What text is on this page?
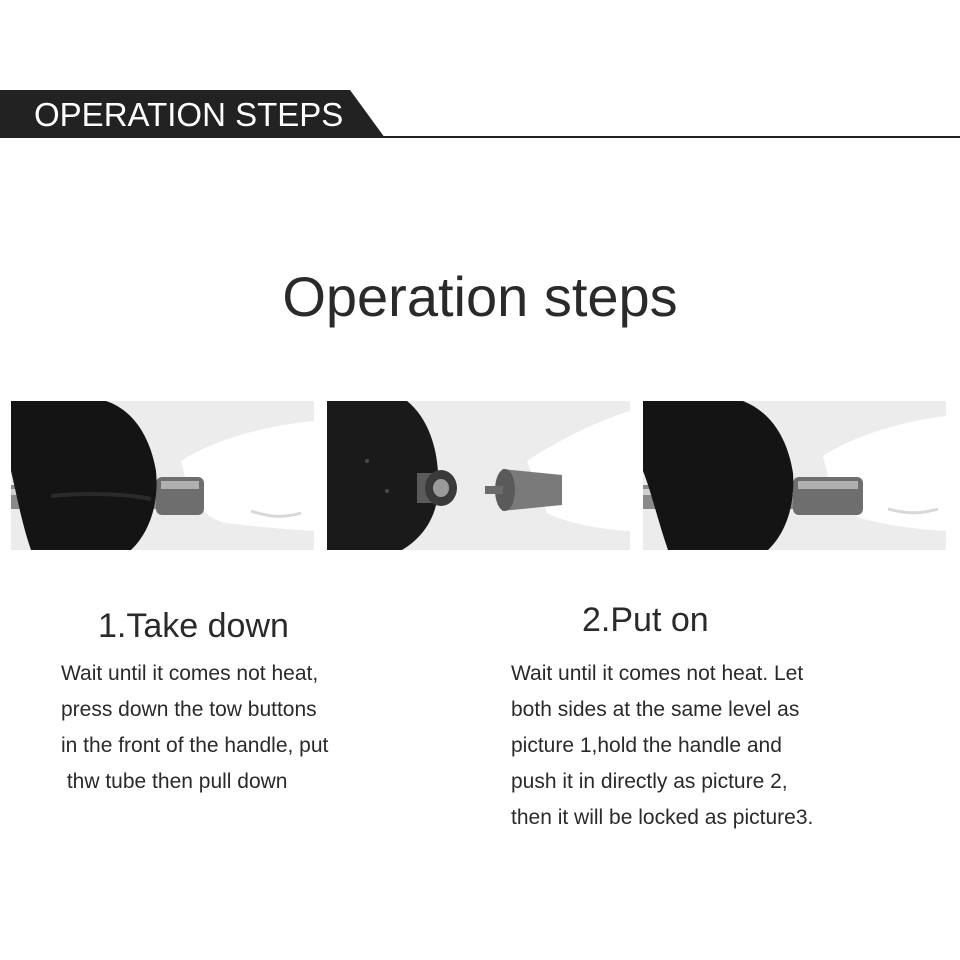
OPERATION STEPS
Operation steps
1.Take down
Wait until it comes not heat,
press down the tow buttons
in the front of the handle, put
thw tube then pull down
2.Put on
Wait until it comes not heat. Let
both sides at the same level as
picture 1,hold the handle and
push it in directly as picture 2,
then it will be locked as picture3.
